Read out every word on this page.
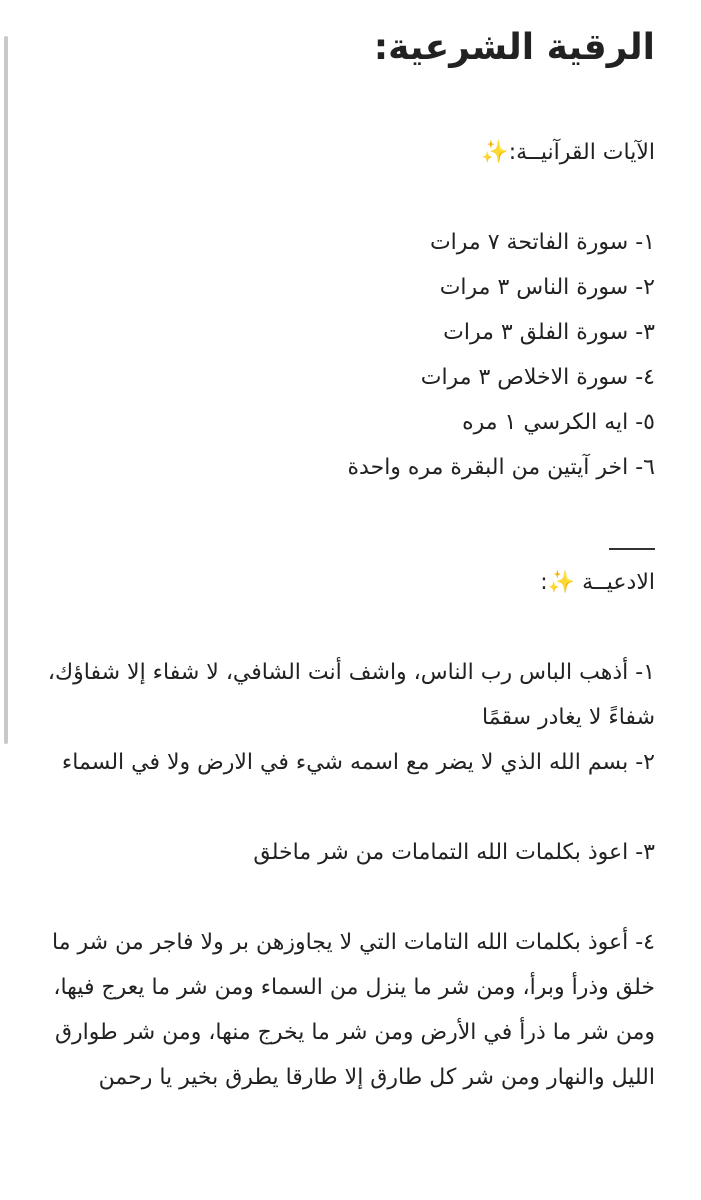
الرقية الشرعية:

الآيات القرآنيــة:✨

١- سورة الفاتحة ٧ مرات

٢- سورة الناس ٣ مرات

٣- سورة الفلق ٣ مرات

٤- سورة الاخلاص ٣ مرات

٥- ايه الكرسي ١ مره

٦- اخر آيتين من البقرة مره واحدة

الادعيــة ✨:

١- أذهب الباس رب الناس، واشف أنت الشافي، لا شفاء إلا شفاؤك، شفاءً لا يغادر سقمًا

٢- بسم الله الذي لا يضر مع اسمه شيء في الارض ولا في السماء

٣- اعوذ بكلمات الله التمامات من شر ماخلق

٤- أعوذ بكلمات الله التامات التي لا يجاوزهن بر ولا فاجر من شر ما خلق وذرأ وبرأ، ومن شر ما ينزل من السماء ومن شر ما يعرج فيها، ومن شر ما ذرأ في الأرض ومن شر ما يخرج منها، ومن شر طوارق الليل والنهار ومن شر كل طارق إلا طارقا يطرق بخير يا رحمن
